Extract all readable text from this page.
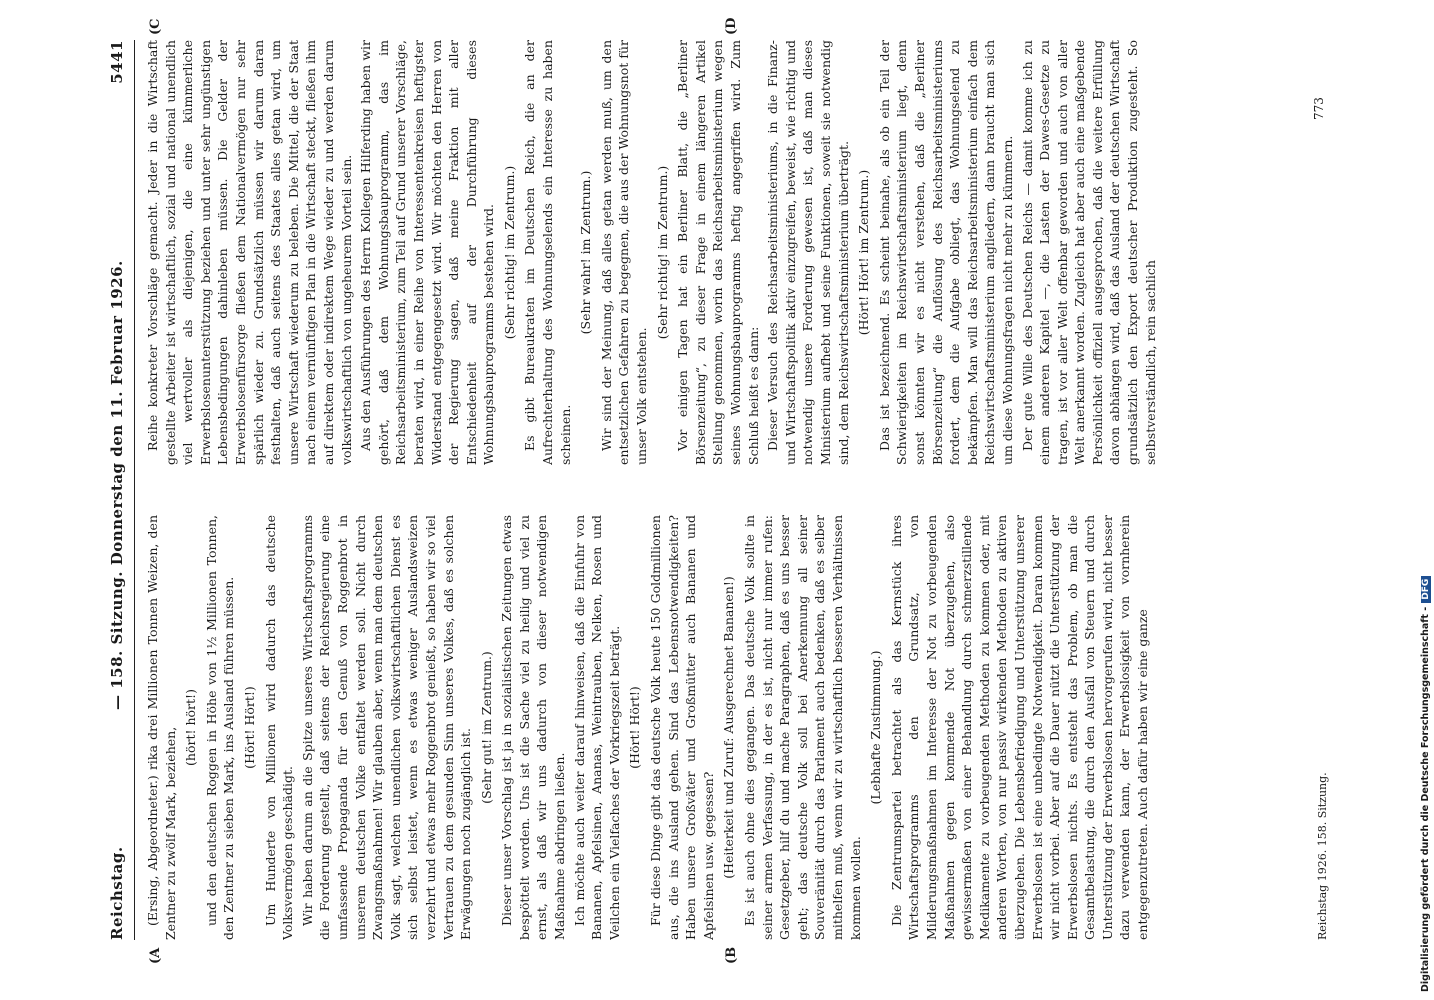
Reichstag.
— 158. Sitzung. Donnerstag den 11. Februar 1926.
5441
(A	(B
(C	(D

(Ersing, Abgeordneter.) rika drei Millionen Tonnen Weizen, den Zentner zu zwölf Mark, beziehen, (hört! hört!) und den deutschen Roggen in Höhe von 1½ Millionen Tonnen, den Zentner zu sieben Mark, ins Ausland führen müssen. (Hört! Hört!) Um Hunderte von Millionen wird dadurch das deutsche Volksvermögen geschädigt. Wir haben darum an die Spitze unseres Wirtschaftsprogramms die Forderung gestellt, daß seitens der Reichsregierung eine umfassende Propaganda für den Genuß von Roggenbrot in unserem deutschen Volke entfaltet werden soll. Nicht durch Zwangsmaßnahmen! Wir glauben aber, wenn man dem deutschen Volk sagt, welchen unendlichen volkswirtschaftlichen Dienst es sich selbst leistet, wenn es etwas weniger Auslandsweizen verzehrt und etwas mehr Roggenbrot genießt, so haben wir so viel Vertrauen zu dem gesunden Sinn unseres Volkes, daß es solchen Erwägungen noch zugänglich ist.

(Sehr gut! im Zentrum.) Dieser unser Vorschlag ist ja in sozialistischen Zeitungen etwas bespöttelt worden. Uns ist die Sache viel zu heilig und viel zu ernst, als daß wir uns dadurch von dieser notwendigen Maßnahme abdringen ließen. Ich möchte auch weiter darauf hinweisen, daß die Einfuhr von Bananen, Apfelsinen, Ananas, Weintrauben, Nelken, Rosen und Veilchen ein Vielfaches der Vorkriegszeit beträgt. (Hört! Hört!) Für diese Dinge gibt das deutsche Volk heute 150 Goldmillionen aus, die ins Ausland gehen. Sind das Lebensnotwendigkeiten? Haben unsere Großväter und Großmütter auch Bananen und Apfelsinen usw. gegessen? (Heiterkeit und Zuruf: Ausgerechnet Bananen!) Es ist auch ohne dies gegangen. Das deutsche Volk sollte in seiner armen Verfassung, in der es ist, nicht nur immer rufen: Gesetzgeber, hilf du und mache Paragraphen, daß es uns besser geht; das deutsche Volk soll bei Anerkennung all seiner Souveränität durch das Parlament auch bedenken, daß es selber mithelfen muß, wenn wir zu wirtschaftlich besseren Verhältnissen kommen wollen.

(Lebhafte Zustimmung.) Die Zentrumspartei betrachtet als das Kernstück ihres Wirtschaftsprogramms den Grundsatz, von Milderungsmaßnahmen im Interesse der Not zu vorbeugenden Maßnahmen gegen kommende Not überzugehen, also gewissermaßen von einer Behandlung durch schmerzstillende Medikamente zu vorbeugenden Methoden zu kommen oder, mit anderen Worten, von nur passiv wirkenden Methoden zu aktiven überzugehen. Die Lebensbefriedigung und Unterstützung unserer Erwerbslosen ist eine unbedingte Notwendigkeit. Daran kommen wir nicht vorbei. Aber auf die Dauer nützt die Unterstützung der Erwerbslosen nichts. Es entsteht das Problem, ob man die Gesamtbelastung, die durch den Ausfall von Steuern und durch Unterstützung der Erwerbslosen hervorgerufen wird, nicht besser dazu verwenden kann, der Erwerbslosigkeit von vornherein entgegenzutreten. Auch dafür haben wir eine ganze

Reihe konkreter Vorschläge gemacht. Jeder in die Wirtschaft gestellte Arbeiter ist wirtschaftlich, sozial und national unendlich viel wertvoller als diejenigen, die eine kümmerliche Erwerbslosenunterstützung beziehen und unter sehr ungünstigen Lebensbedingungen dahinleben müssen. Die Gelder der Erwerbslosenfürsorge fließen dem Nationalvermögen nur sehr spärlich wieder zu. Grundsätzlich müssen wir darum daran festhalten, daß auch seitens des Staates alles getan wird, um unsere Wirtschaft wiederum zu beleben. Die Mittel, die der Staat nach einem vernünftigen Plan in die Wirtschaft steckt, fließen ihm auf direktem oder indirektem Wege wieder zu und werden darum volkswirtschaftlich von ungeheurem Vorteil sein. Aus den Ausführungen des Herrn Kollegen Hilferding haben wir gehört, daß dem Wohnungsbauprogramm, das im Reichsarbeitsministerium, zum Teil auf Grund unserer Vorschläge, beraten wird, in einer Reihe von Interessentenkreisen heftigster Widerstand entgegengesetzt wird. Wir möchten den Herren von der Regierung sagen, daß meine Fraktion mit aller Entschiedenheit auf der Durchführung dieses Wohnungsbauprogramms bestehen wird. (Sehr richtig! im Zentrum.) Es gibt Bureaukraten im Deutschen Reich, die an der Aufrechterhaltung des Wohnungselends ein Interesse zu haben scheinen.

(Sehr wahr! im Zentrum.) Wir sind der Meinung, daß alles getan werden muß, um den entsetzlichen Gefahren zu begegnen, die aus der Wohnungsnot für unser Volk entstehen.

(Sehr richtig! im Zentrum.) Vor einigen Tagen hat ein Berliner Blatt, die „Berliner Börsenzeitung“, zu dieser Frage in einem längeren Artikel Stellung genommen, worin das Reichsarbeitsministerium wegen seines Wohnungsbauprogramms heftig angegriffen wird. Zum Schluß heißt es dann: Dieser Versuch des Reichsarbeitsministeriums, in die Finanz- und Wirtschaftspolitik aktiv einzugreifen, beweist, wie richtig und notwendig unsere Forderung gewesen ist, daß man dieses Ministerium aufhebt und seine Funktionen, soweit sie notwendig sind, dem Reichswirtschaftsministerium überträgt. (Hört! Hört! im Zentrum.) Das ist bezeichnend. Es scheint beinahe, als ob ein Teil der Schwierigkeiten im Reichswirtschaftsministerium liegt, denn sonst könnten wir es nicht verstehen, daß die „Berliner Börsenzeitung“ die Auflösung des Reichsarbeitsministeriums fordert, dem die Aufgabe obliegt, das Wohnungselend zu bekämpfen. Man will das Reichsarbeitsministerium einfach dem Reichswirtschaftsministerium angliedern, dann braucht man sich um diese Wohnungsfragen nicht mehr zu kümmern. Der gute Wille des Deutschen Reichs — damit komme ich zu einem anderen Kapitel —, die Lasten der Dawes-Gesetze zu tragen, ist vor aller Welt offenbar geworden und auch von aller Welt anerkannt worden. Zugleich hat aber auch eine maßgebende Persönlichkeit offiziell ausgesprochen, daß die weitere Erfüllung davon abhängen wird, daß das Ausland der deutschen Wirtschaft grundsätzlich den Export deutscher Produktion zugesteht. So selbstverständlich, rein sachlich

Reichstag 1926. 158. Sitzung.
773
Digitalisierung gefördert durch die Deutsche Forschungsgemeinschaft -DFG
